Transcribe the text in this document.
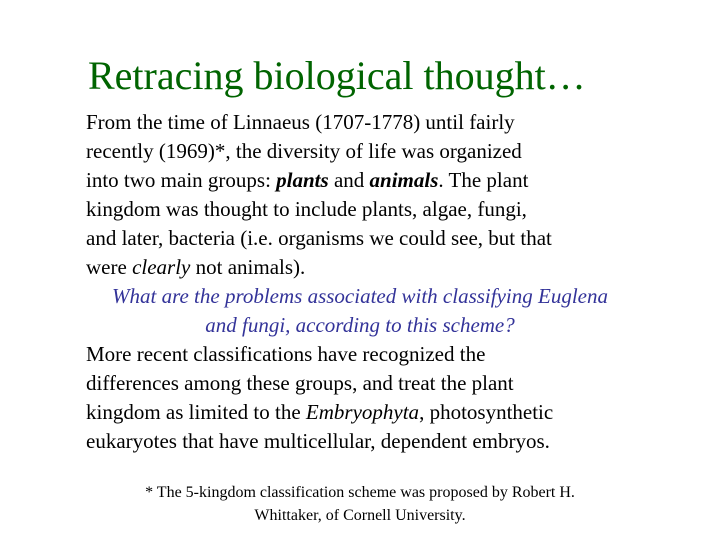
Retracing biological thought…
From the time of Linnaeus (1707-1778) until fairly
recently (1969)*, the diversity of life was organized
into two main groups: plants and animals. The plant
kingdom was thought to include plants, algae, fungi,
and later, bacteria (i.e. organisms we could see, but that
were clearly not animals).
What are the problems associated with classifying Euglena
and fungi, according to this scheme?
More recent classifications have recognized the
differences among these groups, and treat the plant
kingdom as limited to the Embryophyta, photosynthetic
eukaryotes that have multicellular, dependent embryos.
* The 5-kingdom classification scheme was proposed by Robert H.
Whittaker, of Cornell University.
